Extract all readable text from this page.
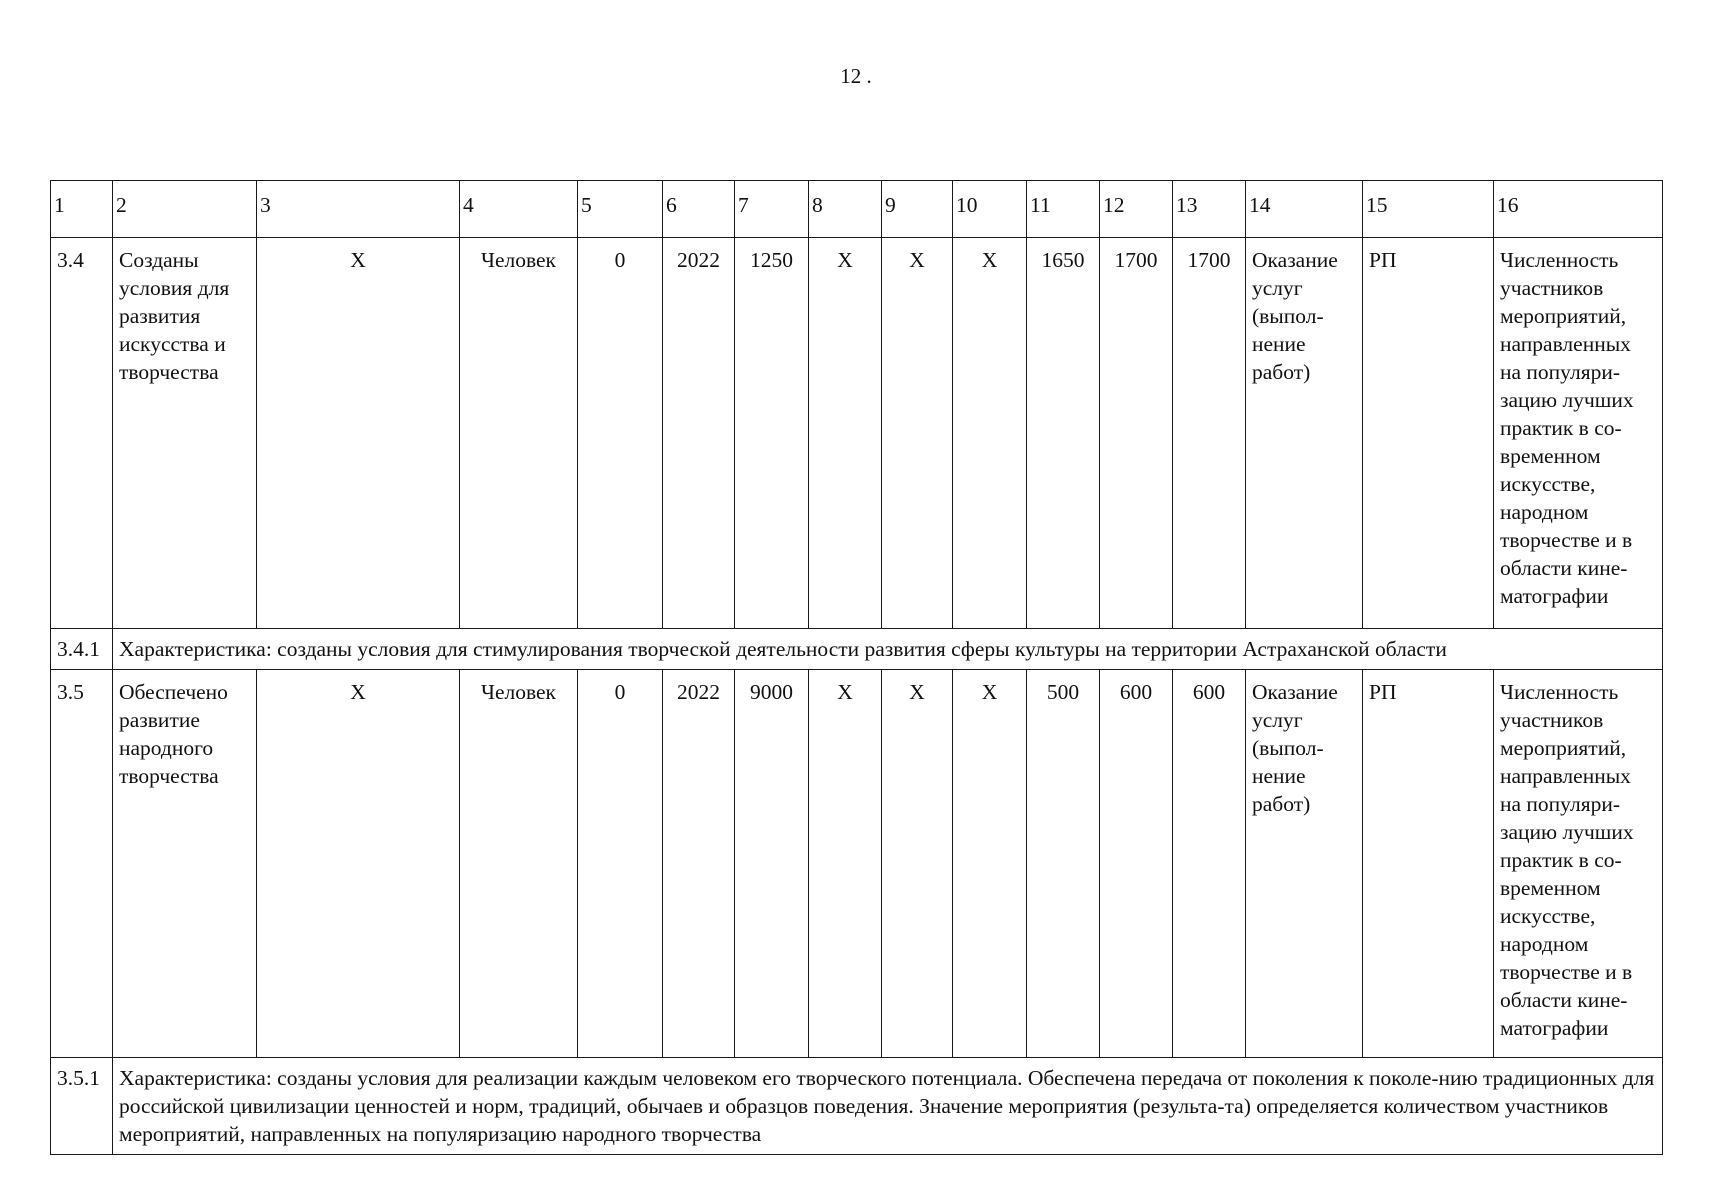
12 .
1	2	3	4	5	6	7	8	9	10	11	12	13	14	15	16
3.4	Созданы условия для развития искусства и творчества	Х	Человек	0	2022	1250	Х	Х	Х	1650	1700	1700	Оказание услуг (выпол-нение работ)	РП	Численность участников мероприятий, направленных на популяри-зацию лучших практик в со-временном искусстве, народном творчестве и в области кине-матографии
3.4.1	Характеристика: созданы условия для стимулирования творческой деятельности развития сферы культуры на территории Астраханской области														
3.5	Обеспечено развитие народного творчества	Х	Человек	0	2022	9000	Х	Х	Х	500	600	600	Оказание услуг (выпол-нение работ)	РП	Численность участников мероприятий, направленных на популяри-зацию лучших практик в со-временном искусстве, народном творчестве и в области кине-матографии
3.5.1	Характеристика: созданы условия для реализации каждым человеком его творческого потенциала. Обеспечена передача от поколения к поколе-нию традиционных для российской цивилизации ценностей и норм, традиций, обычаев и образцов поведения. Значение мероприятия (результа-та) определяется количеством участников мероприятий, направленных на популяризацию народного творчества														
